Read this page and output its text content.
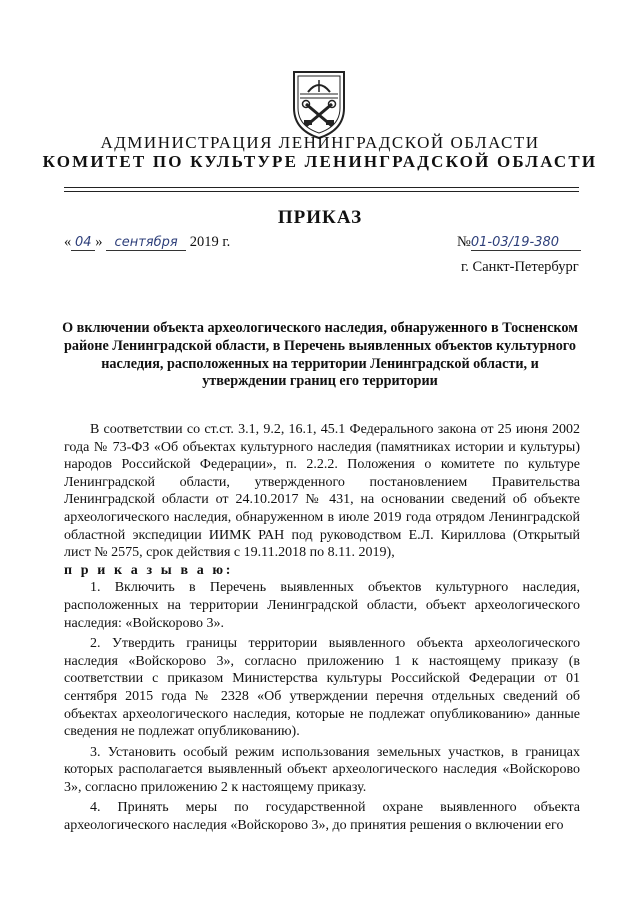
АДМИНИСТРАЦИЯ ЛЕНИНГРАДСКОЙ ОБЛАСТИ
КОМИТЕТ ПО КУЛЬТУРЕ ЛЕНИНГРАДСКОЙ ОБЛАСТИ
ПРИКАЗ
« 04 » сентября 2019 г.	№01-03/19-380
г. Санкт-Петербург
О включении объекта археологического наследия, обнаруженного в Тосненском районе Ленинградской области, в Перечень выявленных объектов культурного наследия, расположенных на территории Ленинградской области, и утверждении границ его территории

В соответствии со ст.ст. 3.1, 9.2, 16.1, 45.1 Федерального закона от 25 июня 2002 года № 73-ФЗ «Об объектах культурного наследия (памятниках истории и культуры) народов Российской Федерации», п. 2.2.2. Положения о комитете по культуре Ленинградской области, утвержденного постановлением Правительства Ленинградской области от 24.10.2017 № 431, на основании сведений об объекте археологического наследия, обнаруженном в июле 2019 года отрядом Ленинградской областной экспедиции ИИМК РАН под руководством Е.Л. Кириллова (Открытый лист № 2575, срок действия с 19.11.2018 по 8.11. 2019),

п р и к а з ы в а ю:

1. Включить в Перечень выявленных объектов культурного наследия, расположенных на территории Ленинградской области, объект археологического наследия: «Войскорово 3».

2. Утвердить границы территории выявленного объекта археологического наследия «Войскорово 3», согласно приложению 1 к настоящему приказу (в соответствии с приказом Министерства культуры Российской Федерации от 01 сентября 2015 года № 2328 «Об утверждении перечня отдельных сведений об объектах археологического наследия, которые не подлежат опубликованию» данные сведения не подлежат опубликованию).

3. Установить особый режим использования земельных участков, в границах которых располагается выявленный объект археологического наследия «Войскорово 3», согласно приложению 2 к настоящему приказу.

4. Принять меры по государственной охране выявленного объекта археологического наследия «Войскорово 3», до принятия решения о включении его
